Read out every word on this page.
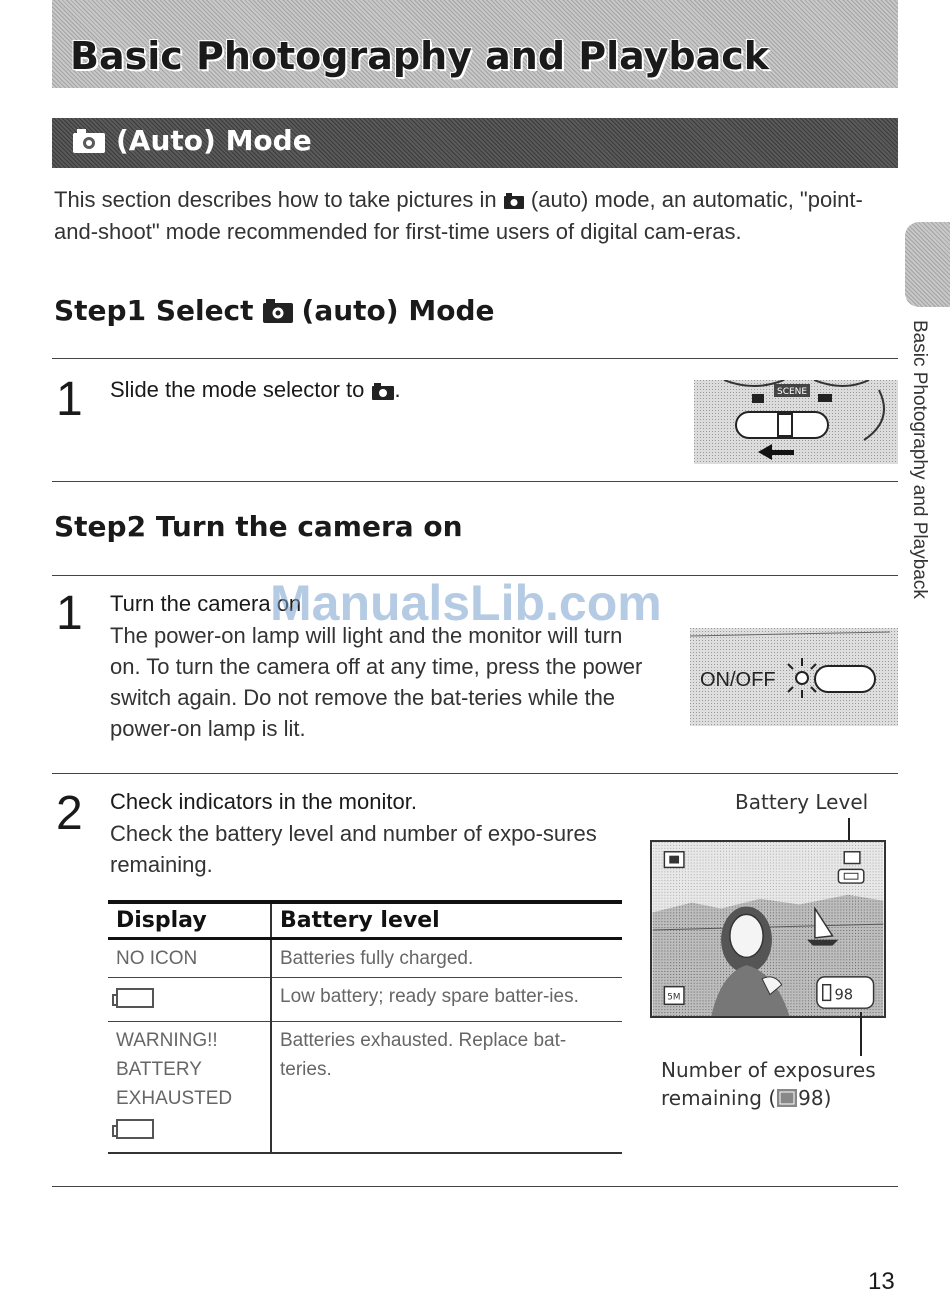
Basic Photography and Playback
(Auto) Mode
This section describes how to take pictures in (auto) mode, an automatic, "point-and-shoot" mode recommended for first-time users of digital cam-eras.
Basic Photography and Playback
Step1 Select (auto) Mode
1 Slide the mode selector to .	SCENE
Step2 Turn the camera on
1 Turn the camera on
The power-on lamp will light and the monitor will turn on. To turn the camera off at any time, press the power switch again. Do not remove the bat-teries while the power-on lamp is lit.
ON/OFF
2 Check indicators in the monitor.
Check the battery level and number of expo-sures remaining.
Display	Battery level
NO ICON	Batteries fully charged.
	Low battery; ready spare batter-ies.

WARNING!! BATTERY EXHAUSTED	Batteries exhausted. Replace bat-teries.
Battery Level
5M	98
Number of exposures
remaining ( 98)
ManualsLib.com
13
